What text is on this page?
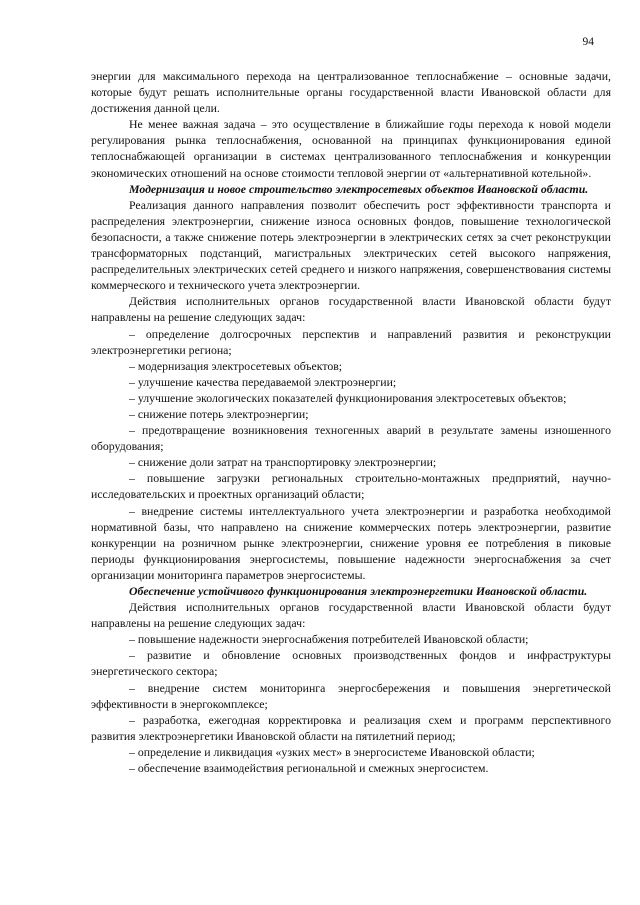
94

энергии для максимального перехода на централизованное теплоснабжение – основные задачи, которые будут решать исполнительные органы государственной власти Ивановской области для достижения данной цели.

Не менее важная задача – это осуществление в ближайшие годы перехода к новой модели регулирования рынка теплоснабжения, основанной на принципах функционирования единой теплоснабжающей организации в системах централизованного теплоснабжения и конкуренции экономических отношений на основе стоимости тепловой энергии от «альтернативной котельной».

Модернизация и новое строительство электросетевых объектов Ивановской области.

Реализация данного направления позволит обеспечить рост эффективности транспорта и распределения электроэнергии, снижение износа основных фондов, повышение технологической безопасности, а также снижение потерь электроэнергии в электрических сетях за счет реконструкции трансформаторных подстанций, магистральных электрических сетей высокого напряжения, распределительных электрических сетей среднего и низкого напряжения, совершенствования системы коммерческого и технического учета электроэнергии.

Действия исполнительных органов государственной власти Ивановской области будут направлены на решение следующих задач:

– определение долгосрочных перспектив и направлений развития и реконструкции электроэнергетики региона;

– модернизация электросетевых объектов;

– улучшение качества передаваемой электроэнергии;

– улучшение экологических показателей функционирования электросетевых объектов;

– снижение потерь электроэнергии;

– предотвращение возникновения техногенных аварий в результате замены изношенного оборудования;

– снижение доли затрат на транспортировку электроэнергии;

– повышение загрузки региональных строительно-монтажных предприятий, научно-исследовательских и проектных организаций области;

– внедрение системы интеллектуального учета электроэнергии и разработка необходимой нормативной базы, что направлено на снижение коммерческих потерь электроэнергии, развитие конкуренции на розничном рынке электроэнергии, снижение уровня ее потребления в пиковые периоды функционирования энергосистемы, повышение надежности энергоснабжения за счет организации мониторинга параметров энергосистемы.

Обеспечение устойчивого функционирования электроэнергетики Ивановской области.

Действия исполнительных органов государственной власти Ивановской области будут направлены на решение следующих задач:

– повышение надежности энергоснабжения потребителей Ивановской области;

– развитие и обновление основных производственных фондов и инфраструктуры энергетического сектора;

– внедрение систем мониторинга энергосбережения и повышения энергетической эффективности в энергокомплексе;

– разработка, ежегодная корректировка и реализация схем и программ перспективного развития электроэнергетики Ивановской области на пятилетний период;

– определение и ликвидация «узких мест» в энергосистеме Ивановской области;

– обеспечение взаимодействия региональной и смежных энергосистем.
